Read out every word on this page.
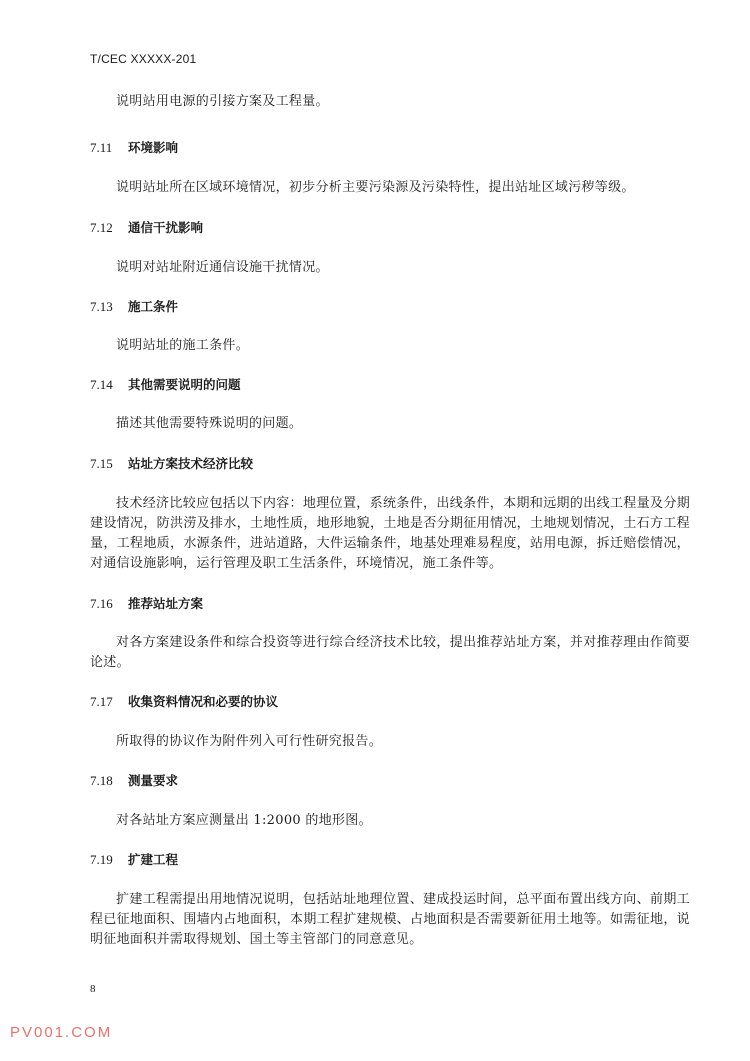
T/CEC XXXXX-201

说明站用电源的引接方案及工程量。

7.11	环境影响

说明站址所在区域环境情况，初步分析主要污染源及污染特性，提出站址区域污秽等级。

7.12	通信干扰影响

说明对站址附近通信设施干扰情况。

7.13	施工条件

说明站址的施工条件。

7.14	其他需要说明的问题

描述其他需要特殊说明的问题。

7.15	站址方案技术经济比较

技术经济比较应包括以下内容：地理位置，系统条件，出线条件，本期和远期的出线工程量及分期建设情况，防洪涝及排水，土地性质，地形地貌，土地是否分期征用情况，土地规划情况，土石方工程量，工程地质，水源条件，进站道路，大件运输条件，地基处理难易程度，站用电源，拆迁赔偿情况，对通信设施影响，运行管理及职工生活条件，环境情况，施工条件等。

7.16	推荐站址方案

对各方案建设条件和综合投资等进行综合经济技术比较，提出推荐站址方案，并对推荐理由作简要论述。

7.17	收集资料情况和必要的协议

所取得的协议作为附件列入可行性研究报告。

7.18	测量要求

对各站址方案应测量出 1:2000 的地形图。

7.19	扩建工程

扩建工程需提出用地情况说明，包括站址地理位置、建成投运时间，总平面布置出线方向、前期工程已征地面积、围墙内占地面积，本期工程扩建规模、占地面积是否需要新征用土地等。如需征地，说明征地面积并需取得规划、国土等主管部门的同意意见。

8
PV001.COM
